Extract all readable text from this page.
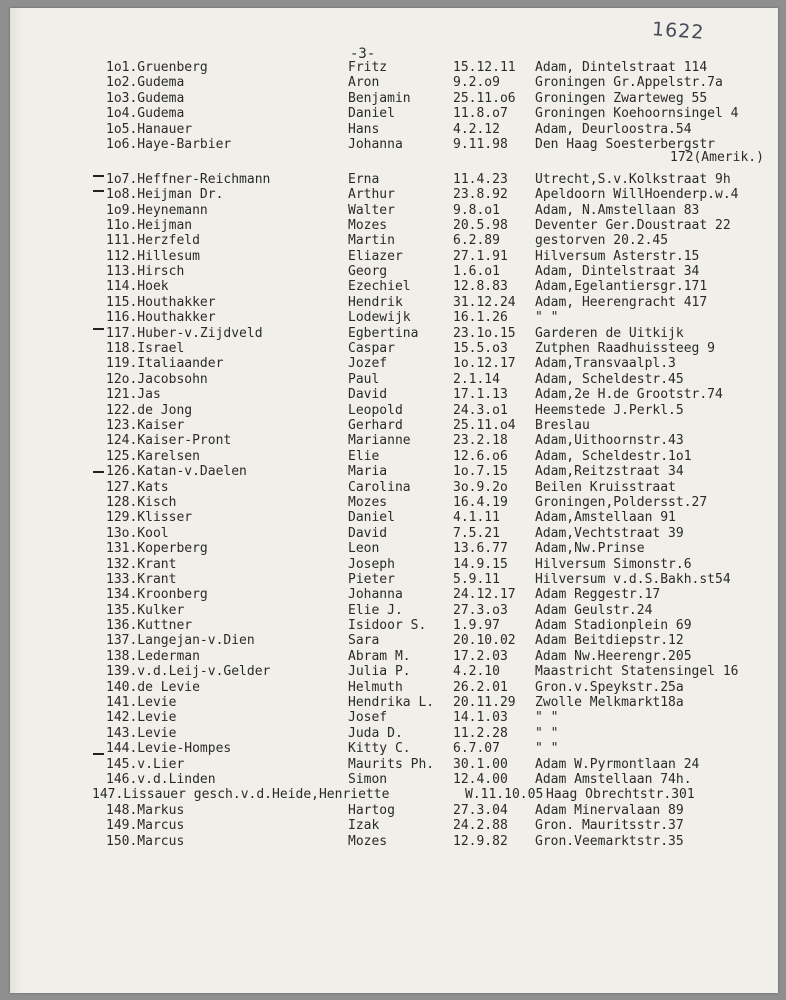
1622
-3-
1o1.Gruenberg	Fritz	15.12.11 Adam, Dintelstraat 114
1o2.Gudema	Aron	9.2.o9	Groningen Gr.Appelstr.7a
1o3.Gudema	Benjamin	25.11.o6 Groningen Zwarteweg 55
1o4.Gudema	Daniel	11.8.o7 Groningen Koehoornsingel 4
1o5.Hanauer	Hans	4.2.12	Adam, Deurloostra.54
1o6.Haye-Barbier	Johanna	9.11.98 Den Haag Soesterbergstr
172(Amerik.)
1o7.Heffner-Reichmann	Erna	11.4.23 Utrecht,S.v.Kolkstraat 9h
1o8.Heijman Dr.	Arthur	23.8.92 Apeldoorn WillHoenderp.w.4
1o9.Heynemann	Walter	9.8.o1	Adam, N.Amstellaan 83
11o.Heijman	Mozes	20.5.98 Deventer Ger.Doustraat 22
111.Herzfeld	Martin	6.2.89	gestorven 20.2.45
112.Hillesum	Eliazer	27.1.91 Hilversum Asterstr.15
113.Hirsch	Georg	1.6.o1	Adam, Dintelstraat 34
114.Hoek	Ezechiel	12.8.83 Adam,Egelantiersgr.171
115.Houthakker	Hendrik	31.12.24 Adam, Heerengracht 417
116.Houthakker	Lodewijk	16.1.26 " "
117.Huber-v.Zijdveld	Egbertina	23.1o.15 Garderen de Uitkijk
118.Israel	Caspar	15.5.o3 Zutphen Raadhuissteeg 9
119.Italiaander	Jozef	1o.12.17 Adam,Transvaalpl.3
12o.Jacobsohn	Paul	2.1.14	Adam, Scheldestr.45
121.Jas	David	17.1.13 Adam,2e H.de Grootstr.74
122.de Jong	Leopold	24.3.o1 Heemstede J.Perkl.5
123.Kaiser	Gerhard	25.11.o4 Breslau
124.Kaiser-Pront	Marianne	23.2.18 Adam,Uithoornstr.43
125.Karelsen	Elie	12.6.o6 Adam, Scheldestr.1o1
126.Katan-v.Daelen	Maria	1o.7.15 Adam,Reitzstraat 34
127.Kats	Carolina	3o.9.2o Beilen Kruisstraat
128.Kisch	Mozes	16.4.19 Groningen,Poldersst.27
129.Klisser	Daniel	4.1.11	Adam,Amstellaan 91
13o.Kool	David	7.5.21	Adam,Vechtstraat 39
131.Koperberg	Leon	13.6.77 Adam,Nw.Prinse
132.Krant	Joseph	14.9.15 Hilversum Simonstr.6
133.Krant	Pieter	5.9.11	Hilversum v.d.S.Bakh.st54
134.Kroonberg	Johanna	24.12.17 Adam Reggestr.17
135.Kulker	Elie J.	27.3.o3 Adam Geulstr.24
136.Kuttner	Isidoor S. 1.9.97	Adam Stadionplein 69
137.Langejan-v.Dien	Sara	20.10.02 Adam Beitdiepstr.12
138.Lederman	Abram M.	17.2.03 Adam Nw.Heerengr.205
139.v.d.Leij-v.Gelder	Julia P.	4.2.10	Maastricht Statensingel 16
140.de Levie	Helmuth	26.2.01 Gron.v.Speykstr.25a
141.Levie	Hendrika L. 20.11.29 Zwolle Melkmarkt18a
142.Levie	Josef	14.1.03 " "
143.Levie	Juda D.	11.2.28 " "
144.Levie-Hompes	Kitty C.	6.7.07	" "
145.v.Lier	Maurits Ph. 30.1.00 Adam W.Pyrmontlaan 24
146.v.d.Linden	Simon	12.4.00 Adam Amstellaan 74h.
147.Lissauer gesch.v.d.Heide,Henriette	W.11.10.05 Haag Obrechtstr.301
148.Markus	Hartog	27.3.04 Adam Minervalaan 89
149.Marcus	Izak	24.2.88 Gron. Mauritsstr.37
150.Marcus	Mozes	12.9.82 Gron.Veemarktstr.35
